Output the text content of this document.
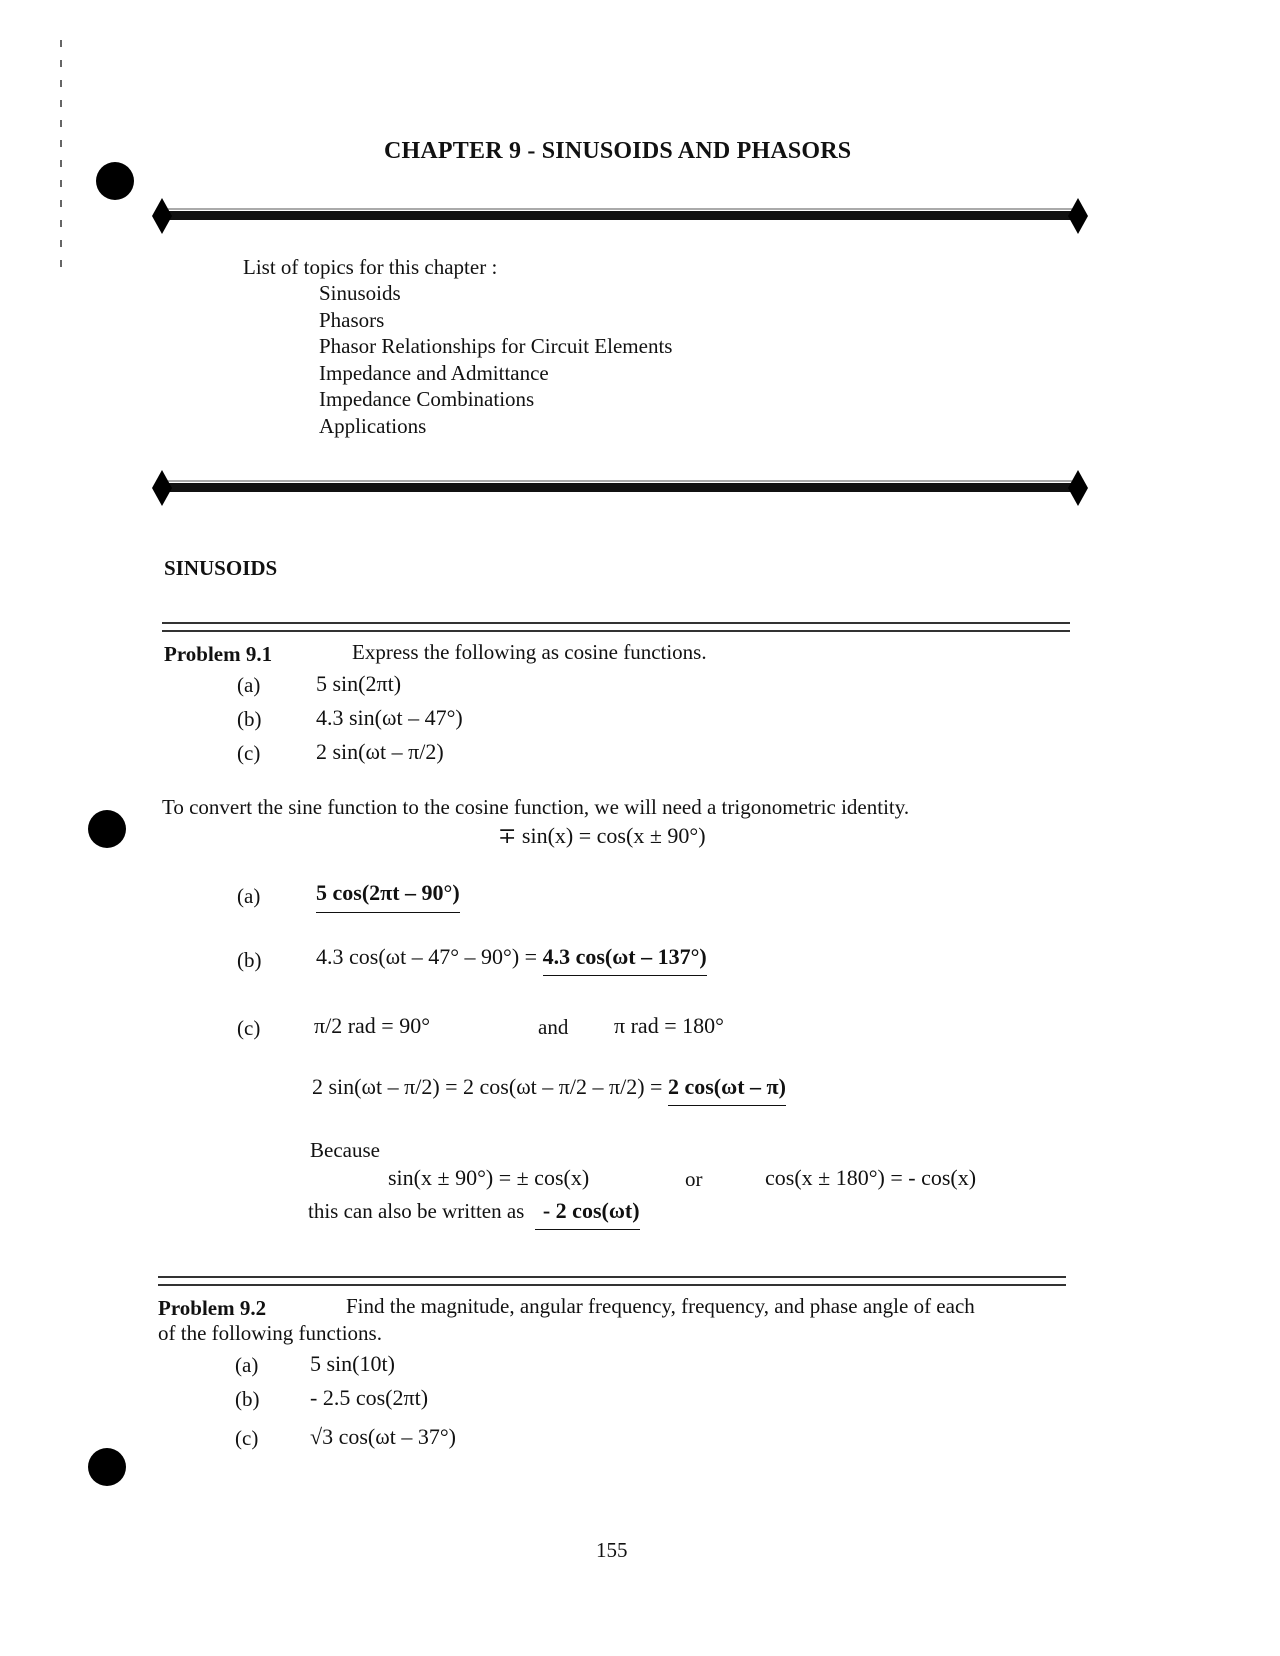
CHAPTER 9 - SINUSOIDS AND PHASORS
List of topics for this chapter :
Sinusoids
Phasors
Phasor Relationships for Circuit Elements
Impedance and Admittance
Impedance Combinations
Applications
SINUSOIDS
Problem 9.1	Express the following as cosine functions.
(a)	5 sin(2πt)
(b) 4.3 sin(ωt – 47°)
(c)	2 sin(ωt – π/2)
To convert the sine function to the cosine function, we will need a trigonometric identity.
∓ sin(x) = cos(x ± 90°)
(a)	5 cos(2πt – 90°)
(b) 4.3 cos(ωt – 47° – 90°) = 4.3 cos(ωt – 137°)
(c) π/2 rad = 90°	and π rad = 180°
2 sin(ωt – π/2) = 2 cos(ωt – π/2 – π/2) = 2 cos(ωt – π)
Because
sin(x ± 90°) = ± cos(x)	or	cos(x ± 180°) = - cos(x)
this can also be written as - 2 cos(ωt)
Problem 9.2	Find the magnitude, angular frequency, frequency, and phase angle of each
of the following functions.
(a) 5 sin(10t)
(b) - 2.5 cos(2πt)
(c) √3 cos(ωt – 37°)
155
